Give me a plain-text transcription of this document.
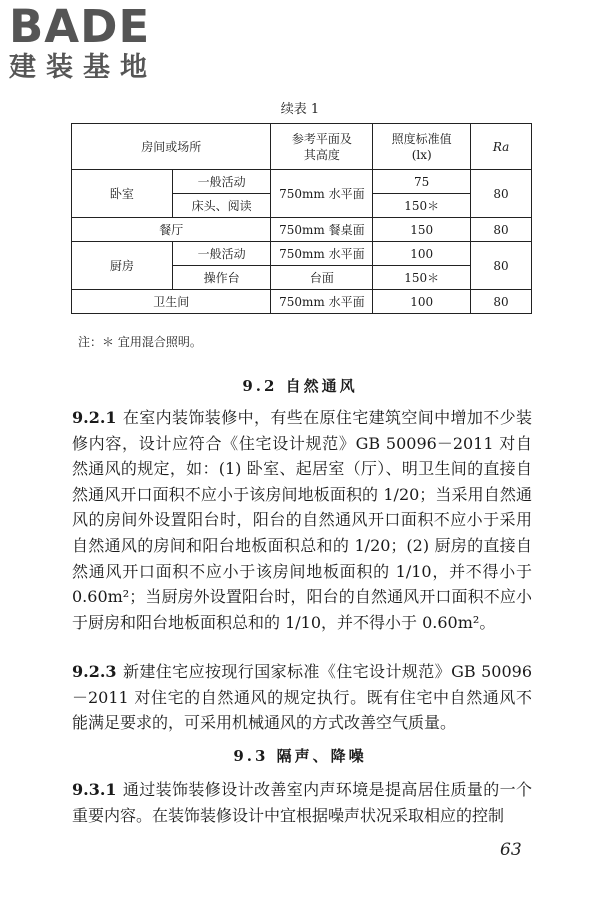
BADE
建装基地
续表 1
房间或场所		参考平面及其高度	照度标准值(lx)	Ra
卧室	一般活动	750mm 水平面	75	80
	床头、阅读		150＊	
餐厅		750mm 餐桌面	150	80
厨房	一般活动	750mm 水平面	100	80
	操作台	台面	150＊	
卫生间		750mm 水平面	100	80
注：＊ 宜用混合照明。
9.2 自然通风
9.2.1 在室内装饰装修中，有些在原住宅建筑空间中增加不少装修内容，设计应符合《住宅设计规范》GB 50096－2011 对自然通风的规定，如：(1) 卧室、起居室（厅）、明卫生间的直接自然通风开口面积不应小于该房间地板面积的 1/20；当采用自然通风的房间外设置阳台时，阳台的自然通风开口面积不应小于采用自然通风的房间和阳台地板面积总和的 1/20；(2) 厨房的直接自然通风开口面积不应小于该房间地板面积的 1/10，并不得小于 0.60m²；当厨房外设置阳台时，阳台的自然通风开口面积不应小于厨房和阳台地板面积总和的 1/10，并不得小于 0.60m²。
9.2.3 新建住宅应按现行国家标准《住宅设计规范》GB 50096－2011 对住宅的自然通风的规定执行。既有住宅中自然通风不能满足要求的，可采用机械通风的方式改善空气质量。
9.3 隔声、降噪
9.3.1 通过装饰装修设计改善室内声环境是提高居住质量的一个重要内容。在装饰装修设计中宜根据噪声状况采取相应的控制
63
